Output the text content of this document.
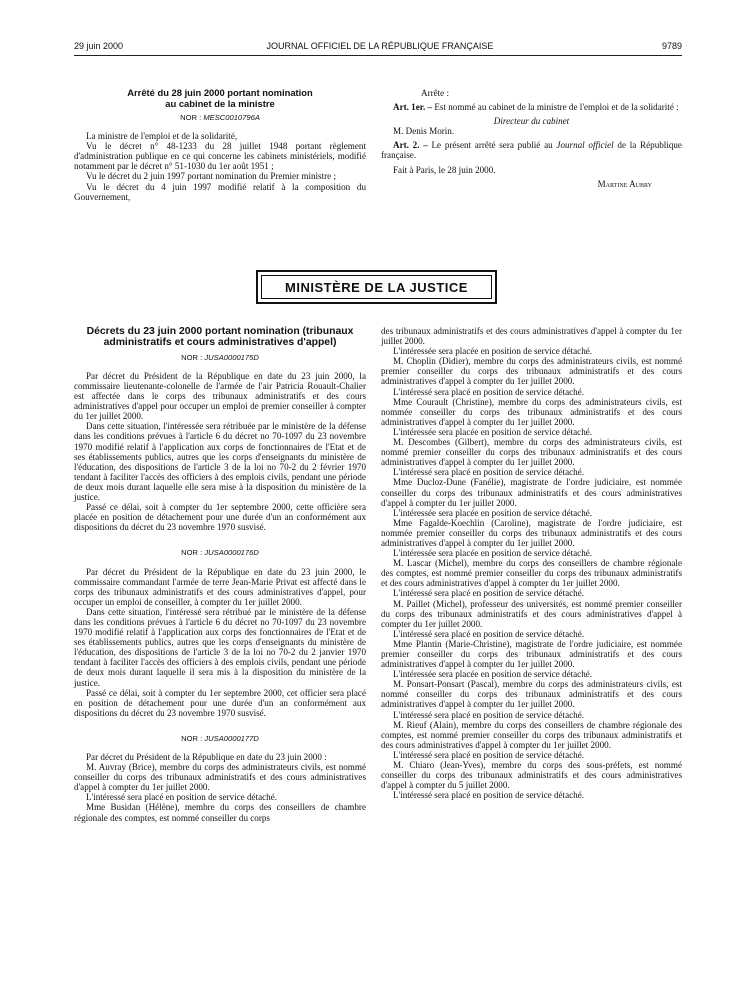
29 juin 2000	JOURNAL OFFICIEL DE LA RÉPUBLIQUE FRANÇAISE	9789
Arrêté du 28 juin 2000 portant nomination
au cabinet de la ministre
NOR : MESC0010796A

La ministre de l'emploi et de la solidarité,

Vu le décret n° 48-1233 du 28 juillet 1948 portant règlement d'administration publique en ce qui concerne les cabinets ministériels, modifié notamment par le décret n° 51-1030 du 1er août 1951 ;

Vu le décret du 2 juin 1997 portant nomination du Premier ministre ;

Vu le décret du 4 juin 1997 modifié relatif à la composition du Gouvernement,

Arrête :

Art. 1er. – Est nommé au cabinet de la ministre de l'emploi et de la solidarité :

Directeur du cabinet

M. Denis Morin.

Art. 2. – Le présent arrêté sera publié au Journal officiel de la République française.

Fait à Paris, le 28 juin 2000.

Martine Aubry

MINISTÈRE DE LA JUSTICE
Décrets du 23 juin 2000 portant nomination (tribunaux administratifs et cours administratives d'appel)
NOR : JUSA0000175D

Par décret du Président de la République en date du 23 juin 2000, la commissaire lieutenante-colonelle de l'armée de l'air Patricia Rouault-Chalier est affectée dans le corps des tribunaux administratifs et des cours administratives d'appel pour occuper un emploi de premier conseiller à compter du 1er juillet 2000.

Dans cette situation, l'intéressée sera rétribuée par le ministère de la défense dans les conditions prévues à l'article 6 du décret no 70-1097 du 23 novembre 1970 modifié relatif à l'application aux corps de fonctionnaires de l'Etat et de ses établissements publics, autres que les corps d'enseignants du ministère de l'éducation, des dispositions de l'article 3 de la loi no 70-2 du 2 février 1970 tendant à faciliter l'accès des officiers à des emplois civils, pendant une période de deux mois durant laquelle elle sera mise à la disposition du ministère de la justice.

Passé ce délai, soit à compter du 1er septembre 2000, cette officière sera placée en position de détachement pour une durée d'un an conformément aux dispositions du décret du 23 novembre 1970 susvisé.

NOR : JUSA0000176D

Par décret du Président de la République en date du 23 juin 2000, le commissaire commandant l'armée de terre Jean-Marie Privat est affecté dans le corps des tribunaux administratifs et des cours administratives d'appel, pour occuper un emploi de conseiller, à compter du 1er juillet 2000.

Dans cette situation, l'intéressé sera rétribué par le ministère de la défense dans les conditions prévues à l'article 6 du décret no 70-1097 du 23 novembre 1970 modifié relatif à l'application aux corps des fonctionnaires de l'Etat et de ses établissements publics, autres que les corps d'enseignants du ministère de l'éducation, des dispositions de l'article 3 de la loi no 70-2 du 2 janvier 1970 tendant à faciliter l'accès des officiers à des emplois civils, pendant une période de deux mois durant laquelle il sera mis à la disposition du ministère de la justice.

Passé ce délai, soit à compter du 1er septembre 2000, cet officier sera placé en position de détachement pour une durée d'un an conformément aux dispositions du décret du 23 novembre 1970 susvisé.

NOR : JUSA0000177D

Par décret du Président de la République en date du 23 juin 2000 :

M. Auvray (Brice), membre du corps des administrateurs civils, est nommé conseiller du corps des tribunaux administratifs et des cours administratives d'appel à compter du 1er juillet 2000.

L'intéressé sera placé en position de service détaché.

Mme Busidan (Hélène), membre du corps des conseillers de chambre régionale des comptes, est nommé conseiller du corps

des tribunaux administratifs et des cours administratives d'appel à compter du 1er juillet 2000.

L'intéressée sera placée en position de service détaché.

M. Choplin (Didier), membre du corps des administrateurs civils, est nommé premier conseiller du corps des tribunaux administratifs et des cours administratives d'appel à compter du 1er juillet 2000.

L'intéressé sera placé en position de service détaché.

Mme Courault (Christine), membre du corps des administrateurs civils, est nommée conseiller du corps des tribunaux administratifs et des cours administratives d'appel à compter du 1er juillet 2000.

L'intéressée sera placée en position de service détaché.

M. Descombes (Gilbert), membre du corps des administrateurs civils, est nommé premier conseiller du corps des tribunaux administratifs et des cours administratives d'appel à compter du 1er juillet 2000.

L'intéressé sera placé en position de service détaché.

Mme Ducloz-Dune (Fanélie), magistrate de l'ordre judiciaire, est nommée conseiller du corps des tribunaux administratifs et des cours administratives d'appel à compter du 1er juillet 2000.

L'intéressée sera placée en position de service détaché.

Mme Fagalde-Koechlin (Caroline), magistrate de l'ordre judiciaire, est nommée premier conseiller du corps des tribunaux administratifs et des cours administratives d'appel à compter du 1er juillet 2000.

L'intéressée sera placée en position de service détaché.

M. Lascar (Michel), membre du corps des conseillers de chambre régionale des comptes, est nommé premier conseiller du corps des tribunaux administratifs et des cours administratives d'appel à compter du 1er juillet 2000.

L'intéressé sera placé en position de service détaché.

M. Paillet (Michel), professeur des universités, est nommé premier conseiller du corps des tribunaux administratifs et des cours administratives d'appel à compter du 1er juillet 2000.

L'intéressé sera placé en position de service détaché.

Mme Plantin (Marie-Christine), magistrate de l'ordre judiciaire, est nommée premier conseiller du corps des tribunaux administratifs et des cours administratives d'appel à compter du 1er juillet 2000.

L'intéressée sera placée en position de service détaché.

M. Ponsart-Ponsart (Pascal), membre du corps des administrateurs civils, est nommé conseiller du corps des tribunaux administratifs et des cours administratives d'appel à compter du 1er juillet 2000.

L'intéressé sera placé en position de service détaché.

M. Rieuf (Alain), membre du corps des conseillers de chambre régionale des comptes, est nommé premier conseiller du corps des tribunaux administratifs et des cours administratives d'appel à compter du 1er juillet 2000.

L'intéressé sera placé en position de service détaché.

M. Chiaro (Jean-Yves), membre du corps des sous-préfets, est nommé conseiller du corps des tribunaux administratifs et des cours administratives d'appel à compter du 5 juillet 2000.

L'intéressé sera placé en position de service détaché.
